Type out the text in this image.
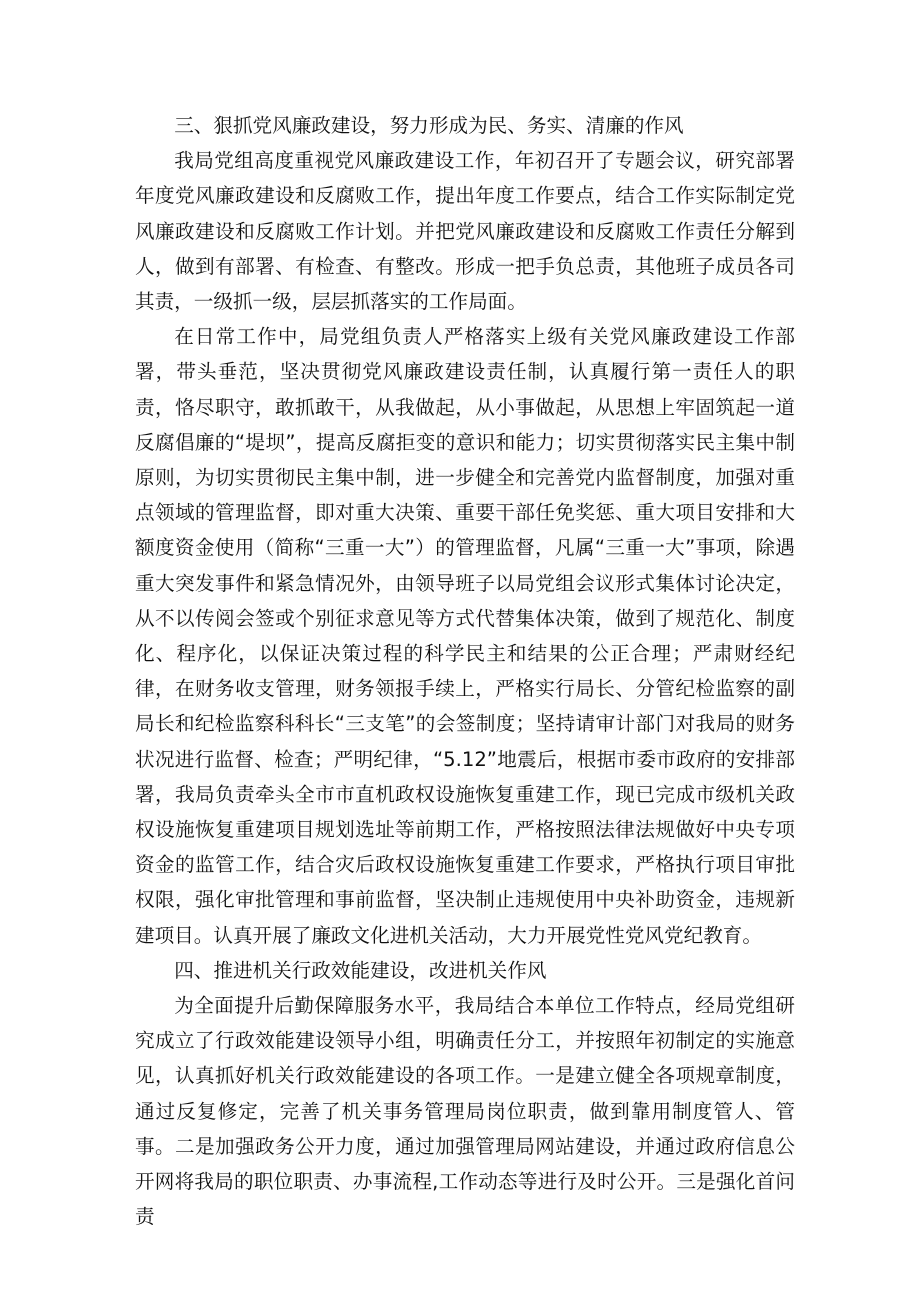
三、狠抓党风廉政建设，努力形成为民、务实、清廉的作风

我局党组高度重视党风廉政建设工作，年初召开了专题会议，研究部署年度党风廉政建设和反腐败工作，提出年度工作要点，结合工作实际制定党风廉政建设和反腐败工作计划。并把党风廉政建设和反腐败工作责任分解到人，做到有部署、有检查、有整改。形成一把手负总责，其他班子成员各司其责，一级抓一级，层层抓落实的工作局面。

在日常工作中，局党组负责人严格落实上级有关党风廉政建设工作部署，带头垂范，坚决贯彻党风廉政建设责任制，认真履行第一责任人的职责，恪尽职守，敢抓敢干，从我做起，从小事做起，从思想上牢固筑起一道反腐倡廉的“堤坝”，提高反腐拒变的意识和能力；切实贯彻落实民主集中制原则，为切实贯彻民主集中制，进一步健全和完善党内监督制度，加强对重点领域的管理监督，即对重大决策、重要干部任免奖惩、重大项目安排和大额度资金使用（简称“三重一大”）的管理监督，凡属“三重一大”事项，除遇重大突发事件和紧急情况外，由领导班子以局党组会议形式集体讨论决定，从不以传阅会签或个别征求意见等方式代替集体决策，做到了规范化、制度化、程序化，以保证决策过程的科学民主和结果的公正合理；严肃财经纪律，在财务收支管理，财务领报手续上，严格实行局长、分管纪检监察的副局长和纪检监察科科长“三支笔”的会签制度；坚持请审计部门对我局的财务状况进行监督、检查；严明纪律，“5.12”地震后，根据市委市政府的安排部署，我局负责牵头全市市直机政权设施恢复重建工作，现已完成市级机关政权设施恢复重建项目规划选址等前期工作，严格按照法律法规做好中央专项资金的监管工作，结合灾后政权设施恢复重建工作要求，严格执行项目审批权限，强化审批管理和事前监督，坚决制止违规使用中央补助资金，违规新建项目。认真开展了廉政文化进机关活动，大力开展党性党风党纪教育。

四、推进机关行政效能建设，改进机关作风

为全面提升后勤保障服务水平，我局结合本单位工作特点，经局党组研究成立了行政效能建设领导小组，明确责任分工，并按照年初制定的实施意见，认真抓好机关行政效能建设的各项工作。一是建立健全各项规章制度，通过反复修定，完善了机关事务管理局岗位职责，做到靠用制度管人、管事。二是加强政务公开力度，通过加强管理局网站建设，并通过政府信息公开网将我局的职位职责、办事流程,工作动态等进行及时公开。三是强化首问责
